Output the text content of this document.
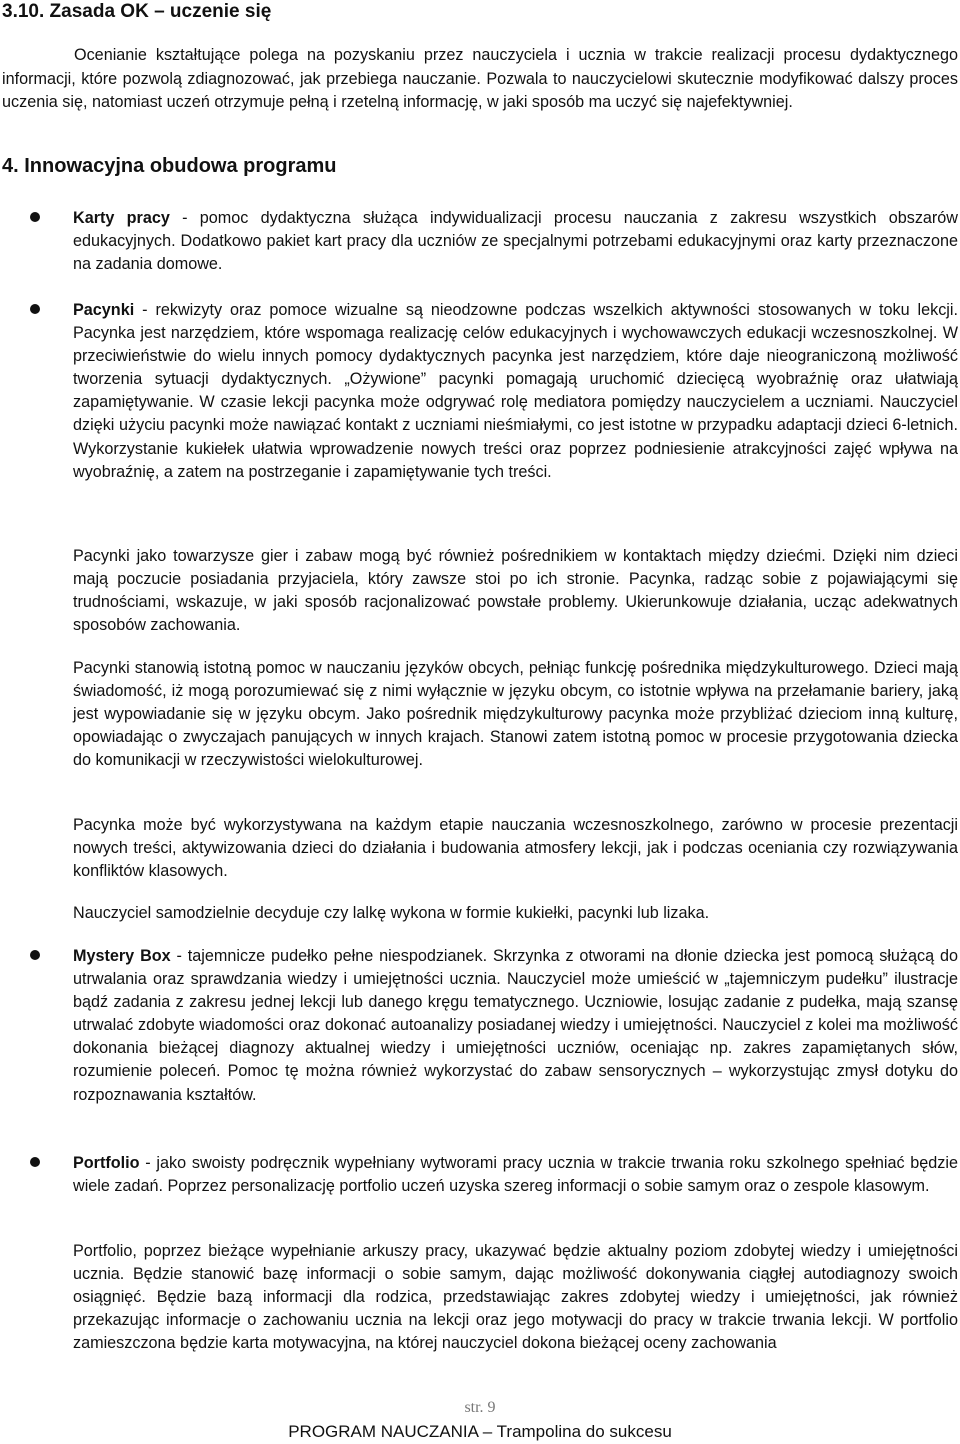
3.10. Zasada OK – uczenie się

Ocenianie kształtujące polega na pozyskaniu przez nauczyciela i ucznia w trakcie realizacji procesu dydaktycznego informacji, które pozwolą zdiagnozować, jak przebiega nauczanie. Pozwala to nauczycielowi skutecznie modyfikować dalszy proces uczenia się, natomiast uczeń otrzymuje pełną i rzetelną informację, w jaki sposób ma uczyć się najefektywniej.

4. Innowacyjna obudowa programu

Karty pracy - pomoc dydaktyczna służąca indywidualizacji procesu nauczania z zakresu wszystkich obszarów edukacyjnych. Dodatkowo pakiet kart pracy dla uczniów ze specjalnymi potrzebami edukacyjnymi oraz karty przeznaczone na zadania domowe.

Pacynki - rekwizyty oraz pomoce wizualne są nieodzowne podczas wszelkich aktywności stosowanych w toku lekcji. Pacynka jest narzędziem, które wspomaga realizację celów edukacyjnych i wychowawczych edukacji wczesnoszkolnej. W przeciwieństwie do wielu innych pomocy dydaktycznych pacynka jest narzędziem, które daje nieograniczoną możliwość tworzenia sytuacji dydaktycznych. „Ożywione” pacynki pomagają uruchomić dziecięcą wyobraźnię oraz ułatwiają zapamiętywanie. W czasie lekcji pacynka może odgrywać rolę mediatora pomiędzy nauczycielem a uczniami. Nauczyciel dzięki użyciu pacynki może nawiązać kontakt z uczniami nieśmiałymi, co jest istotne w przypadku adaptacji dzieci 6-letnich. Wykorzystanie kukiełek ułatwia wprowadzenie nowych treści oraz poprzez podniesienie atrakcyjności zajęć wpływa na wyobraźnię, a zatem na postrzeganie i zapamiętywanie tych treści.

Pacynki jako towarzysze gier i zabaw mogą być również pośrednikiem w kontaktach między dziećmi. Dzięki nim dzieci mają poczucie posiadania przyjaciela, który zawsze stoi po ich stronie. Pacynka, radząc sobie z pojawiającymi się trudnościami, wskazuje, w jaki sposób racjonalizować powstałe problemy. Ukierunkowuje działania, ucząc adekwatnych sposobów zachowania.

Pacynki stanowią istotną pomoc w nauczaniu języków obcych, pełniąc funkcję pośrednika międzykulturowego. Dzieci mają świadomość, iż mogą porozumiewać się z nimi wyłącznie w języku obcym, co istotnie wpływa na przełamanie bariery, jaką jest wypowiadanie się w języku obcym. Jako pośrednik międzykulturowy pacynka może przybliżać dzieciom inną kulturę, opowiadając o zwyczajach panujących w innych krajach. Stanowi zatem istotną pomoc w procesie przygotowania dziecka do komunikacji w rzeczywistości wielokulturowej.

Pacynka może być wykorzystywana na każdym etapie nauczania wczesnoszkolnego, zarówno w procesie prezentacji nowych treści, aktywizowania dzieci do działania i budowania atmosfery lekcji, jak i podczas oceniania czy rozwiązywania konfliktów klasowych.

Nauczyciel samodzielnie decyduje czy lalkę wykona w formie kukiełki, pacynki lub lizaka.

Mystery Box - tajemnicze pudełko pełne niespodzianek. Skrzynka z otworami na dłonie dziecka jest pomocą służącą do utrwalania oraz sprawdzania wiedzy i umiejętności ucznia. Nauczyciel może umieścić w „tajemniczym pudełku” ilustracje bądź zadania z zakresu jednej lekcji lub danego kręgu tematycznego. Uczniowie, losując zadanie z pudełka, mają szansę utrwalać zdobyte wiadomości oraz dokonać autoanalizy posiadanej wiedzy i umiejętności. Nauczyciel z kolei ma możliwość dokonania bieżącej diagnozy aktualnej wiedzy i umiejętności uczniów, oceniając np. zakres zapamiętanych słów, rozumienie poleceń. Pomoc tę można również wykorzystać do zabaw sensorycznych – wykorzystując zmysł dotyku do rozpoznawania kształtów.

Portfolio - jako swoisty podręcznik wypełniany wytworami pracy ucznia w trakcie trwania roku szkolnego spełniać będzie wiele zadań. Poprzez personalizację portfolio uczeń uzyska szereg informacji o sobie samym oraz o zespole klasowym.

Portfolio, poprzez bieżące wypełnianie arkuszy pracy, ukazywać będzie aktualny poziom zdobytej wiedzy i umiejętności ucznia. Będzie stanowić bazę informacji o sobie samym, dając możliwość dokonywania ciągłej autodiagnozy swoich osiągnięć. Będzie bazą informacji dla rodzica, przedstawiając zakres zdobytej wiedzy i umiejętności, jak również przekazując informacje o zachowaniu ucznia na lekcji oraz jego motywacji do pracy w trakcie trwania lekcji. W portfolio zamieszczona będzie karta motywacyjna, na której nauczyciel dokona bieżącej oceny zachowania

str. 9

PROGRAM NAUCZANIA – Trampolina do sukcesu
